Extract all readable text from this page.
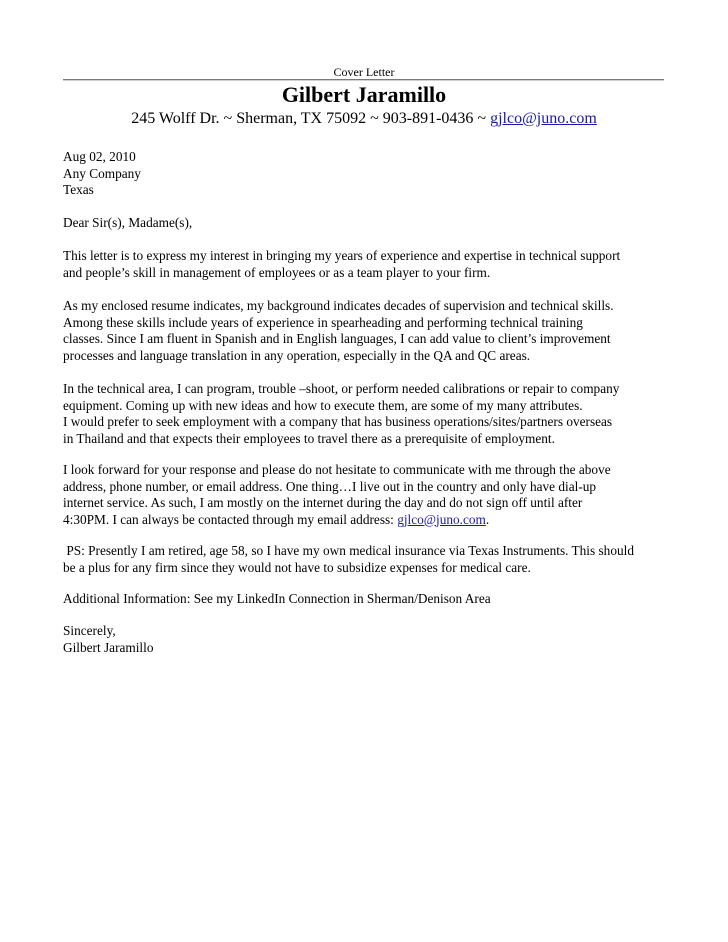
Cover Letter
Gilbert Jaramillo
245 Wolff Dr. ~ Sherman, TX 75092 ~ 903-891-0436 ~ gjlco@juno.com

Aug 02, 2010

Any Company

Texas

Dear Sir(s), Madame(s),

This letter is to express my interest in bringing my years of experience and expertise in technical support

and people’s skill in management of employees or as a team player to your firm.

As my enclosed resume indicates, my background indicates decades of supervision and technical skills.

Among these skills include years of experience in spearheading and performing technical training

classes. Since I am fluent in Spanish and in English languages, I can add value to client’s improvement

processes and language translation in any operation, especially in the QA and QC areas.

In the technical area, I can program, trouble –shoot, or perform needed calibrations or repair to company

equipment. Coming up with new ideas and how to execute them, are some of my many attributes.

I would prefer to seek employment with a company that has business operations/sites/partners overseas

in Thailand and that expects their employees to travel there as a prerequisite of employment.

I look forward for your response and please do not hesitate to communicate with me through the above

address, phone number, or email address. One thing…I live out in the country and only have dial-up

internet service. As such, I am mostly on the internet during the day and do not sign off until after

4:30PM. I can always be contacted through my email address: gjlco@juno.com.

PS: Presently I am retired, age 58, so I have my own medical insurance via Texas Instruments. This should

be a plus for any firm since they would not have to subsidize expenses for medical care.

Additional Information: See my LinkedIn Connection in Sherman/Denison Area

Sincerely,

Gilbert Jaramillo
